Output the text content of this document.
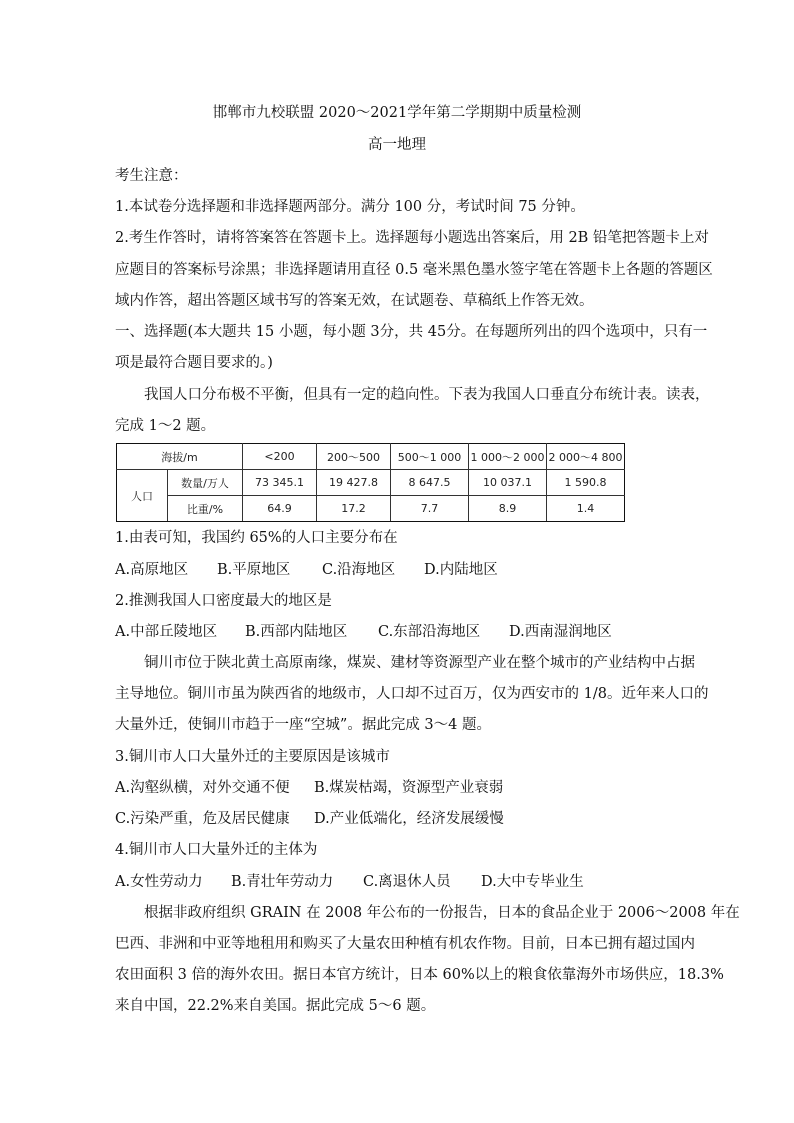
邯郸市九校联盟 2020～2021学年第二学期期中质量检测
高一地理
考生注意：
1.本试卷分选择题和非选择题两部分。满分 100 分，考试时间 75 分钟。
2.考生作答时，请将答案答在答题卡上。选择题每小题选出答案后，用 2B 铅笔把答题卡上对
应题目的答案标号涂黑；非选择题请用直径 0.5 毫米黑色墨水签字笔在答题卡上各题的答题区
域内作答，超出答题区域书写的答案无效，在试题卷、草稿纸上作答无效。
一、选择题(本大题共 15 小题，每小题 3分，共 45分。在每题所列出的四个选项中，只有一
项是最符合题目要求的。)
我国人口分布极不平衡，但具有一定的趋向性。下表为我国人口垂直分布统计表。读表，
完成 1～2 题。
海拔/m		<200	200～500	500～1 000	1 000～2 000	2 000～4 800
人口	数量/万人	73 345.1	19 427.8	8 647.5	10 037.1	1 590.8
	比重/%	64.9	17.2	7.7	8.9	1.4
1.由表可知，我国约 65%的人口主要分布在
A.高原地区 B.平原地区 C.沿海地区 D.内陆地区
2.推测我国人口密度最大的地区是
A.中部丘陵地区 B.西部内陆地区 C.东部沿海地区 D.西南湿润地区
铜川市位于陕北黄土高原南缘，煤炭、建材等资源型产业在整个城市的产业结构中占据
主导地位。铜川市虽为陕西省的地级市，人口却不过百万，仅为西安市的 1/8。近年来人口的
大量外迁，使铜川市趋于一座“空城”。据此完成 3～4 题。
3.铜川市人口大量外迁的主要原因是该城市
A.沟壑纵横，对外交通不便 B.煤炭枯竭，资源型产业衰弱
C.污染严重，危及居民健康 D.产业低端化，经济发展缓慢
4.铜川市人口大量外迁的主体为
A.女性劳动力 B.青壮年劳动力 C.离退休人员 D.大中专毕业生
根据非政府组织 GRAIN 在 2008 年公布的一份报告，日本的食品企业于 2006～2008 年在
巴西、非洲和中亚等地租用和购买了大量农田种植有机农作物。目前，日本已拥有超过国内
农田面积 3 倍的海外农田。据日本官方统计，日本 60%以上的粮食依靠海外市场供应，18.3%
来自中国，22.2%来自美国。据此完成 5～6 题。
